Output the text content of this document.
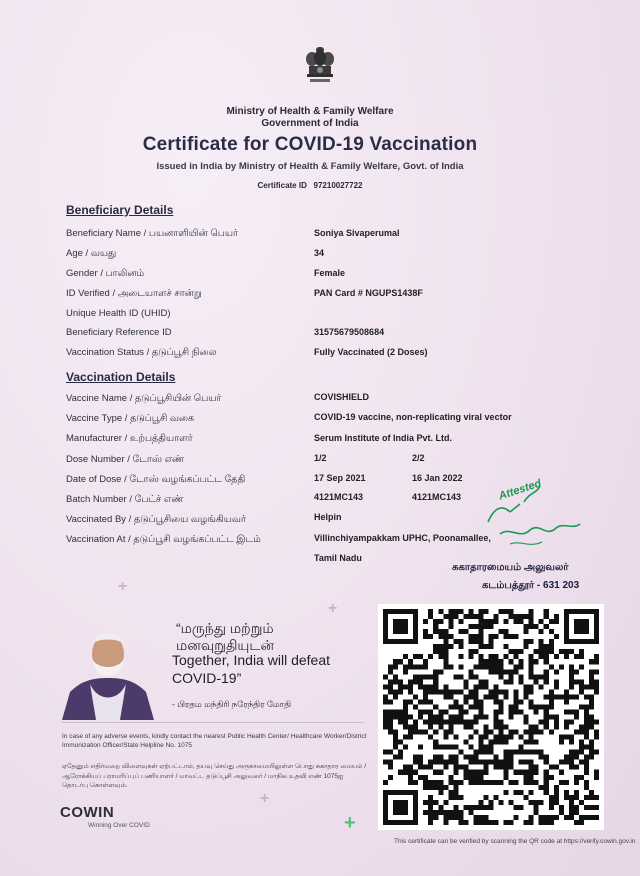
Ministry of Health & Family Welfare
Government of India
Certificate for COVID-19 Vaccination
Issued in India by Ministry of Health & Family Welfare, Govt. of India
Certificate ID 97210027722
Beneficiary Details
Beneficiary Name / பயனாளியின் பெயர்	Soniya Sivaperumal
Age / வயது	34
Gender / பாலினம்	Female
ID Verified / அடையாளச் சான்று	PAN Card # NGUPS1438F
Unique Health ID (UHID)
Beneficiary Reference ID	31575679508684
Vaccination Status / தடுப்பூசி நிலை	Fully Vaccinated (2 Doses)
Vaccination Details
Vaccine Name / தடுப்பூசியின் பெயர்	COVISHIELD
Vaccine Type / தடுப்பூசி வகை	COVID-19 vaccine, non-replicating viral vector
Manufacturer / உற்பத்தியாளர்	Serum Institute of India Pvt. Ltd.
Dose Number / டோஸ் எண்	1/2	2/2
Date of Dose / டோஸ் வழங்கப்பட்ட தேதி	17 Sep 2021	16 Jan 2022
Batch Number / பேட்ச் எண்	4121MC143	4121MC143
Vaccinated By / தடுப்பூசியை வழங்கியவர்	Helpin
Vaccination At / தடுப்பூசி வழங்கப்பட்ட இடம்	Villinchiyampakkam UPHC, Poonamallee,
Tamil Nadu
Attested
சுகாதாரமையம் அலுவலர்
கடம்பத்தூர் - 631 203
+
+
+
+
“மருந்து மற்றும்
மனவுறுதியுடன்
Together, India will defeat
COVID-19”
- பிரதம மந்திரி நரேந்திர மோதி
In case of any adverse events, kindly contact the nearest Public Health Center/ Healthcare Worker/District Immunization Officer/State Helpline No. 1075
ஏதேனும் எதிர்மறை விளைவுகள் ஏற்பட்டால், தயவு செய்து அருகாமையிலுள்ள பொது சுகாதார மையம் / ஆரோக்கியப் பராமரிப்புப் பணியாளர் / மாவட்ட தடுப்பூசி அலுவலர் / மாநில உதவி எண் 1075ஐ தொடர்பு கொள்ளவும்.
COWIN
Winning Over COVID
This certificate can be verified by scanning the QR code at https://verify.cowin.gov.in
